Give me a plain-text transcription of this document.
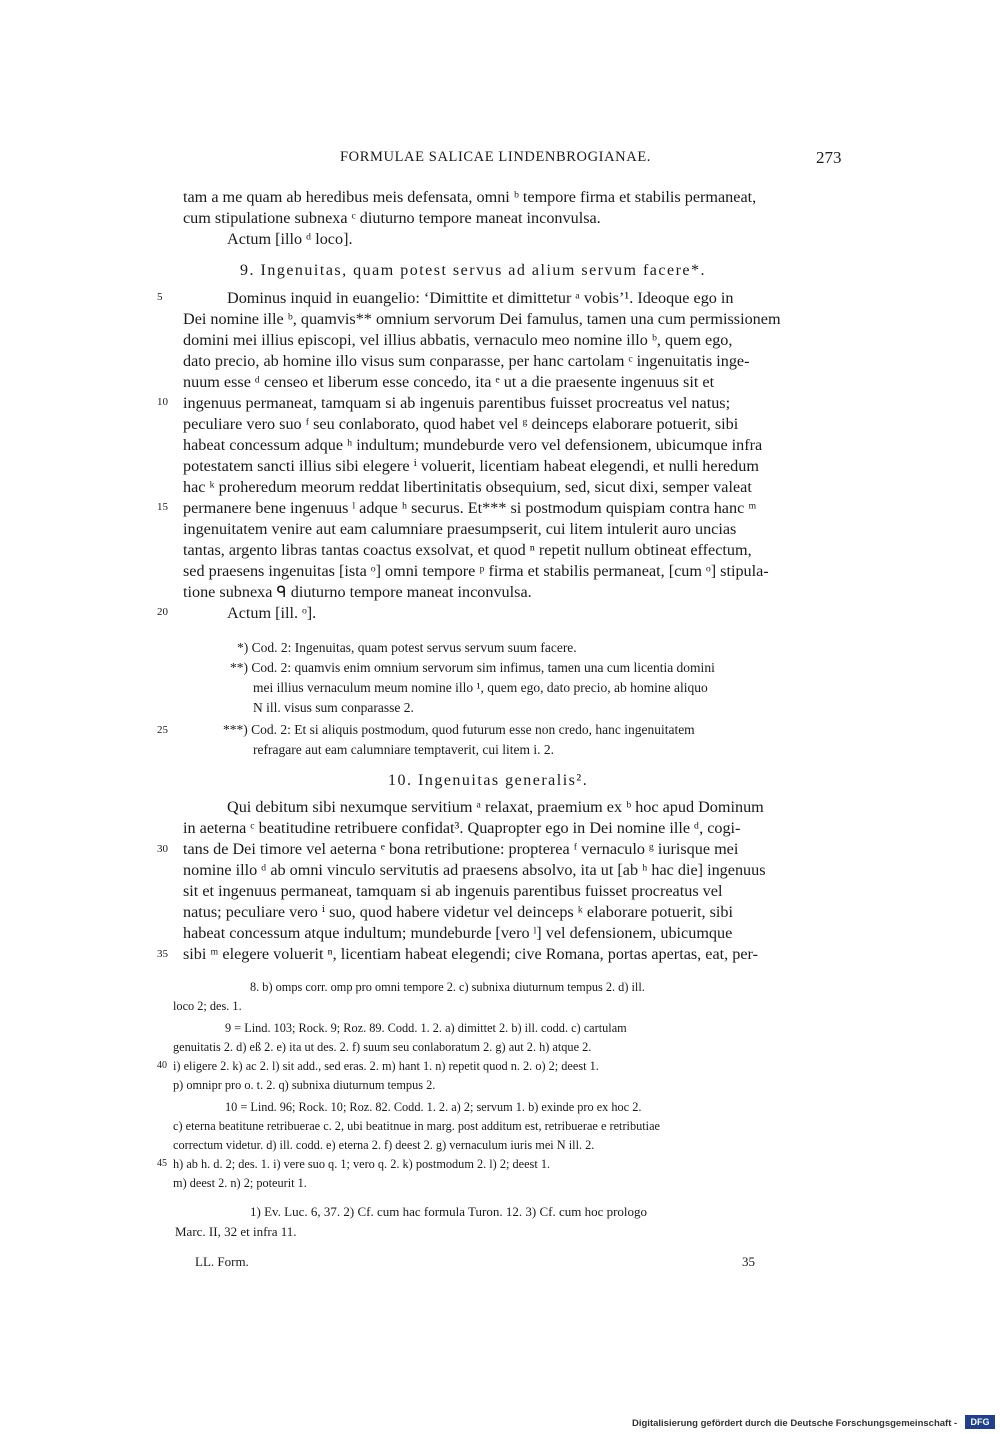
FORMULAE SALICAE LINDENBROGIANAE.	273
tam a me quam ab heredibus meis defensata, omni ᵇ tempore firma et stabilis permaneat,
cum stipulatione subnexa ᶜ diuturno tempore maneat inconvulsa.
Actum [illo ᵈ loco].
9. Ingenuitas, quam potest servus ad alium servum facere*.
Dominus inquid in euangelio: ‘Dimittite et dimittetur ᵃ vobis’¹. Ideoque ego in
Dei nomine ille ᵇ, quamvis** omnium servorum Dei famulus, tamen una cum permissionem
domini mei illius episcopi, vel illius abbatis, vernaculo meo nomine illo ᵇ, quem ego,
dato precio, ab homine illo visus sum conparasse, per hanc cartolam ᶜ ingenuitatis inge-
nuum esse ᵈ censeo et liberum esse concedo, ita ᵉ ut a die praesente ingenuus sit et
ingenuus permaneat, tamquam si ab ingenuis parentibus fuisset procreatus vel natus;
peculiare vero suo ᶠ seu conlaborato, quod habet vel ᵍ deinceps elaborare potuerit, sibi
habeat concessum adque ʰ indultum; mundeburde vero vel defensionem, ubicumque infra
potestatem sancti illius sibi elegere ⁱ voluerit, licentiam habeat elegendi, et nulli heredum
hac ᵏ proheredum meorum reddat libertinitatis obsequium, sed, sicut dixi, semper valeat
permanere bene ingenuus ˡ adque ʰ securus. Et*** si postmodum quispiam contra hanc ᵐ
ingenuitatem venire aut eam calumniare praesumpserit, cui litem intulerit auro uncias
tantas, argento libras tantas coactus exsolvat, et quod ⁿ repetit nullum obtineat effectum,
sed praesens ingenuitas [ista ᵒ] omni tempore ᵖ firma et stabilis permaneat, [cum ᵒ] stipula-
tione subnexa ᑫ diuturno tempore maneat inconvulsa.
Actum [ill. ᵒ].
5
10
15
20
*) Cod. 2: Ingenuitas, quam potest servus servum suum facere.
**) Cod. 2: quamvis enim omnium servorum sim infimus, tamen una cum licentia domini
mei illius vernaculum meum nomine illo ¹, quem ego, dato precio, ab homine aliquo
N ill. visus sum conparasse 2.
***) Cod. 2: Et si aliquis postmodum, quod futurum esse non credo, hanc ingenuitatem
refragare aut eam calumniare temptaverit, cui litem i. 2.
25
10. Ingenuitas generalis².
Qui debitum sibi nexumque servitium ᵃ relaxat, praemium ex ᵇ hoc apud Dominum
in aeterna ᶜ beatitudine retribuere confidat³. Quapropter ego in Dei nomine ille ᵈ, cogi-
tans de Dei timore vel aeterna ᵉ bona retributione: propterea ᶠ vernaculo ᵍ iurisque mei
nomine illo ᵈ ab omni vinculo servitutis ad praesens absolvo, ita ut [ab ʰ hac die] ingenuus
sit et ingenuus permaneat, tamquam si ab ingenuis parentibus fuisset procreatus vel
natus; peculiare vero ⁱ suo, quod habere videtur vel deinceps ᵏ elaborare potuerit, sibi
habeat concessum atque indultum; mundeburde [vero ˡ] vel defensionem, ubicumque
sibi ᵐ elegere voluerit ⁿ, licentiam habeat elegendi; cive Romana, portas apertas, eat, per-
30
35
8. b) omps corr. omp pro omni tempore 2. c) subnixa diuturnum tempus 2. d) ill.
loco 2; des. 1.
9 = Lind. 103; Rock. 9; Roz. 89. Codd. 1. 2. a) dimittet 2. b) ill. codd. c) cartulam
genuitatis 2. d) eß 2. e) ita ut des. 2. f) suum seu conlaboratum 2. g) aut 2. h) atque 2.
i) eligere 2. k) ac 2. l) sit add., sed eras. 2. m) hant 1. n) repetit quod n. 2. o) 2; deest 1.
p) omnipr pro o. t. 2. q) subnixa diuturnum tempus 2.
10 = Lind. 96; Rock. 10; Roz. 82. Codd. 1. 2. a) 2; servum 1. b) exinde pro ex hoc 2.
c) eterna beatitune retribuerae c. 2, ubi beatitnue in marg. post additum est, retribuerae e retributiae
correctum videtur. d) ill. codd. e) eterna 2. f) deest 2. g) vernaculum iuris mei N ill. 2.
h) ab h. d. 2; des. 1. i) vere suo q. 1; vero q. 2. k) postmodum 2. l) 2; deest 1.
m) deest 2. n) 2; poteurit 1.
40
45
1) Ev. Luc. 6, 37. 2) Cf. cum hac formula Turon. 12. 3) Cf. cum hoc prologo
Marc. II, 32 et infra 11.
LL. Form.	35
Digitalisierung gefördert durch die Deutsche Forschungsgemeinschaft -	DFG
